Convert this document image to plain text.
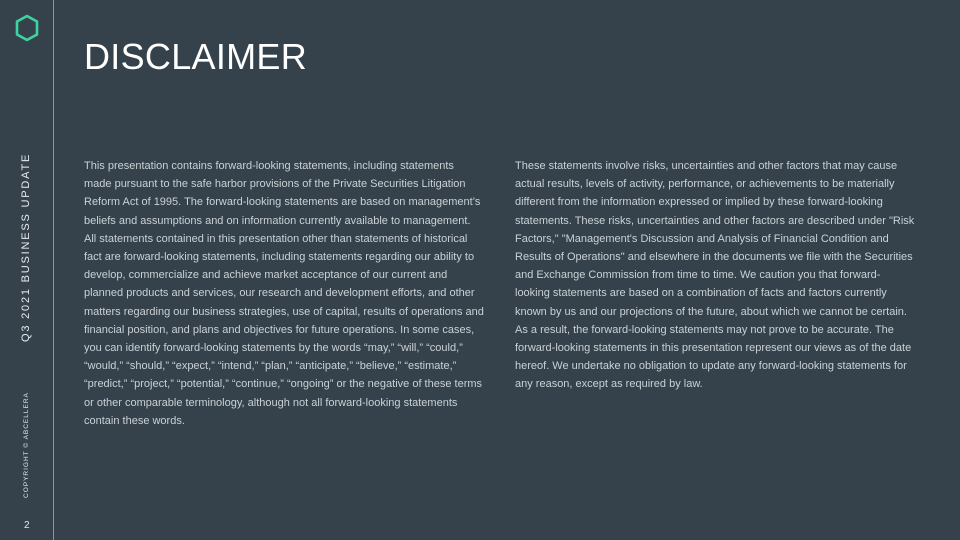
Q3 2021 BUSINESS UPDATE
COPYRIGHT © ABCELLERA
2
DISCLAIMER

This presentation contains forward-looking statements, including statements made pursuant to the safe harbor provisions of the Private Securities Litigation Reform Act of 1995. The forward-looking statements are based on management’s beliefs and assumptions and on information currently available to management. All statements contained in this presentation other than statements of historical fact are forward-looking statements, including statements regarding our ability to develop, commercialize and achieve market acceptance of our current and planned products and services, our research and development efforts, and other matters regarding our business strategies, use of capital, results of operations and financial position, and plans and objectives for future operations. In some cases, you can identify forward-looking statements by the words “may,” “will,” “could,” “would,” “should,” “expect,” “intend,” “plan,” “anticipate,” “believe,” “estimate,” “predict,” “project,” “potential,” “continue,” “ongoing” or the negative of these terms or other comparable terminology, although not all forward-looking statements contain these words.

These statements involve risks, uncertainties and other factors that may cause actual results, levels of activity, performance, or achievements to be materially different from the information expressed or implied by these forward-looking statements. These risks, uncertainties and other factors are described under "Risk Factors," "Management's Discussion and Analysis of Financial Condition and Results of Operations" and elsewhere in the documents we file with the Securities and Exchange Commission from time to time. We caution you that forward-looking statements are based on a combination of facts and factors currently known by us and our projections of the future, about which we cannot be certain. As a result, the forward-looking statements may not prove to be accurate. The forward-looking statements in this presentation represent our views as of the date hereof. We undertake no obligation to update any forward-looking statements for any reason, except as required by law.
